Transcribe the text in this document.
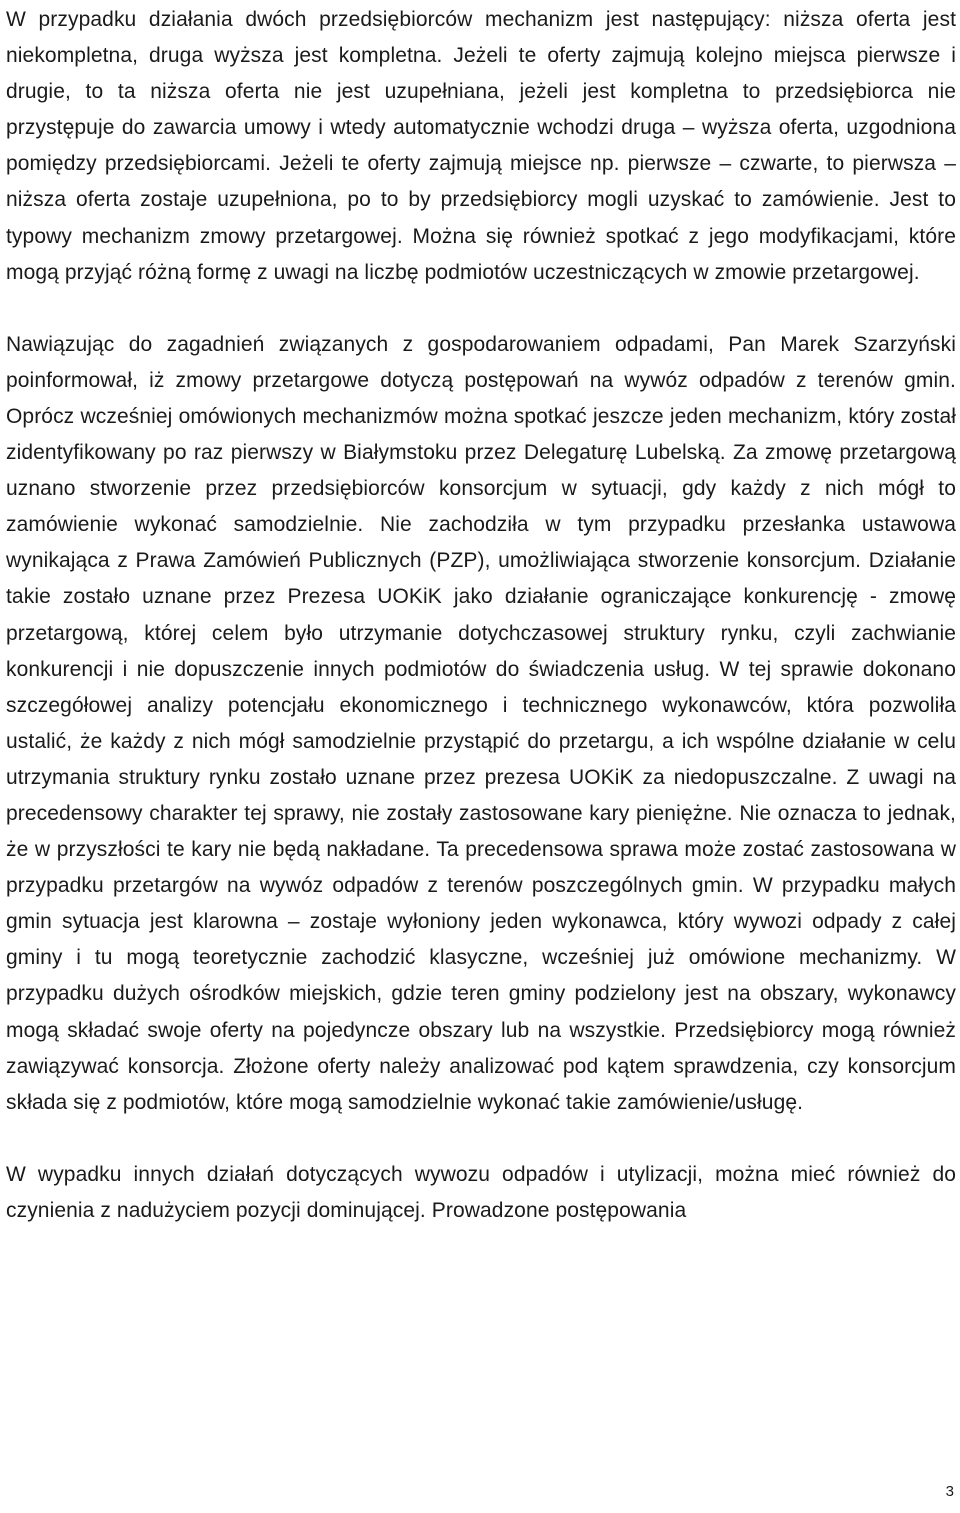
W przypadku działania dwóch przedsiębiorców mechanizm jest następujący: niższa oferta jest niekompletna, druga wyższa jest kompletna. Jeżeli te oferty zajmują kolejno miejsca pierwsze i drugie, to ta niższa oferta nie jest uzupełniana, jeżeli jest kompletna to przedsiębiorca nie przystępuje do zawarcia umowy i wtedy automatycznie wchodzi druga – wyższa oferta, uzgodniona pomiędzy przedsiębiorcami. Jeżeli te oferty zajmują miejsce np. pierwsze – czwarte, to pierwsza – niższa oferta zostaje uzupełniona, po to by przedsiębiorcy mogli uzyskać to zamówienie. Jest to typowy mechanizm zmowy przetargowej. Można się również spotkać z jego modyfikacjami, które mogą przyjąć różną formę z uwagi na liczbę podmiotów uczestniczących w zmowie przetargowej.

Nawiązując do zagadnień związanych z gospodarowaniem odpadami, Pan Marek Szarzyński poinformował, iż zmowy przetargowe dotyczą postępowań na wywóz odpadów z terenów gmin. Oprócz wcześniej omówionych mechanizmów można spotkać jeszcze jeden mechanizm, który został zidentyfikowany po raz pierwszy w Białymstoku przez Delegaturę Lubelską. Za zmowę przetargową uznano stworzenie przez przedsiębiorców konsorcjum w sytuacji, gdy każdy z nich mógł to zamówienie wykonać samodzielnie. Nie zachodziła w tym przypadku przesłanka ustawowa wynikająca z Prawa Zamówień Publicznych (PZP), umożliwiająca stworzenie konsorcjum. Działanie takie zostało uznane przez Prezesa UOKiK jako działanie ograniczające konkurencję - zmowę przetargową, której celem było utrzymanie dotychczasowej struktury rynku, czyli zachwianie konkurencji i nie dopuszczenie innych podmiotów do świadczenia usług. W tej sprawie dokonano szczegółowej analizy potencjału ekonomicznego i technicznego wykonawców, która pozwoliła ustalić, że każdy z nich mógł samodzielnie przystąpić do przetargu, a ich wspólne działanie w celu utrzymania struktury rynku zostało uznane przez prezesa UOKiK za niedopuszczalne. Z uwagi na precedensowy charakter tej sprawy, nie zostały zastosowane kary pieniężne. Nie oznacza to jednak, że w przyszłości te kary nie będą nakładane. Ta precedensowa sprawa może zostać zastosowana w przypadku przetargów na wywóz odpadów z terenów poszczególnych gmin. W przypadku małych gmin sytuacja jest klarowna – zostaje wyłoniony jeden wykonawca, który wywozi odpady z całej gminy i tu mogą teoretycznie zachodzić klasyczne, wcześniej już omówione mechanizmy. W przypadku dużych ośrodków miejskich, gdzie teren gminy podzielony jest na obszary, wykonawcy mogą składać swoje oferty na pojedyncze obszary lub na wszystkie. Przedsiębiorcy mogą również zawiązywać konsorcja. Złożone oferty należy analizować pod kątem sprawdzenia, czy konsorcjum składa się z podmiotów, które mogą samodzielnie wykonać takie zamówienie/usługę.

W wypadku innych działań dotyczących wywozu odpadów i utylizacji, można mieć również do czynienia z nadużyciem pozycji dominującej. Prowadzone postępowania

3
